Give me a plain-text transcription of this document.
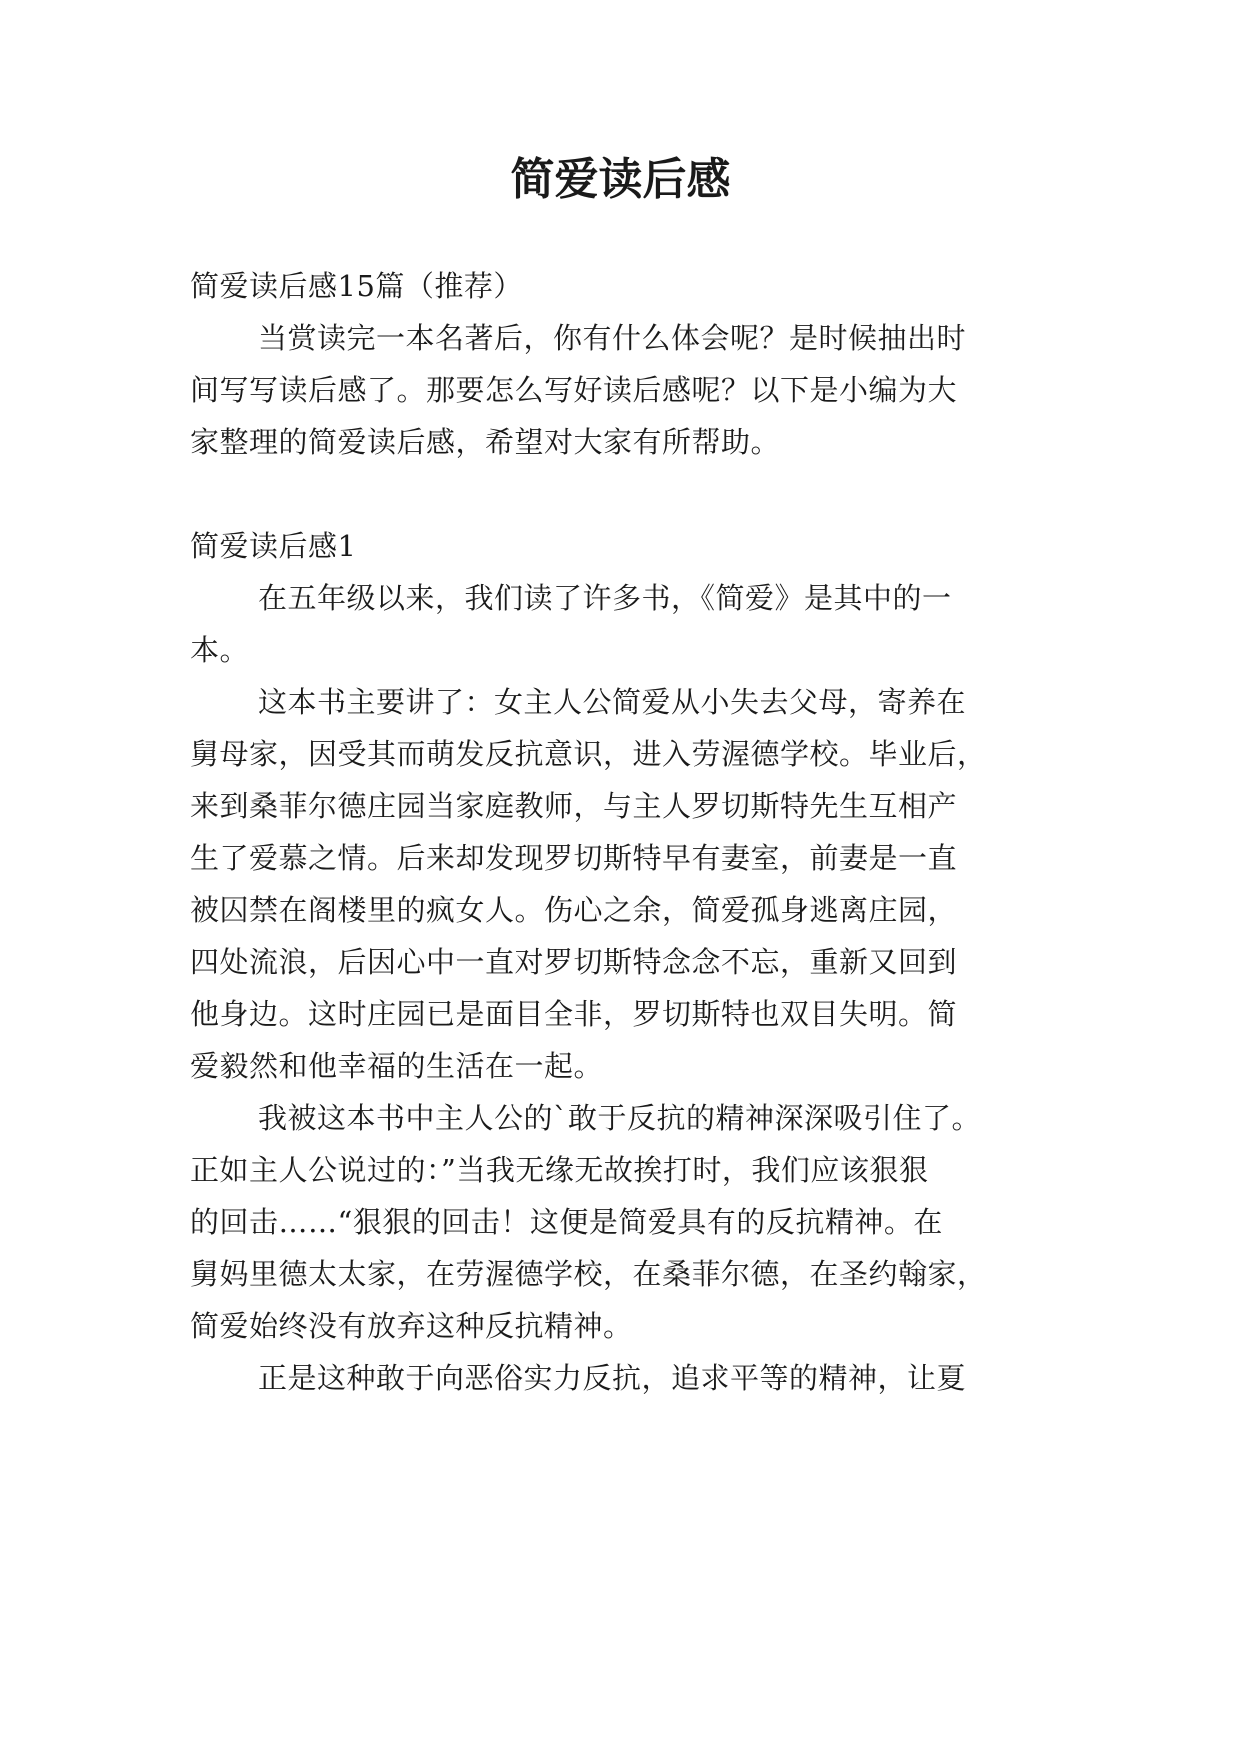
简爱读后感

简爱读后感15篇（推荐）

当赏读完一本名著后，你有什么体会呢？是时候抽出时

间写写读后感了。那要怎么写好读后感呢？以下是小编为大

家整理的简爱读后感，希望对大家有所帮助。

简爱读后感1

在五年级以来，我们读了许多书，《简爱》是其中的一

本。

这本书主要讲了：女主人公简爱从小失去父母，寄养在

舅母家，因受其而萌发反抗意识，进入劳渥德学校。毕业后，

来到桑菲尔德庄园当家庭教师，与主人罗切斯特先生互相产

生了爱慕之情。后来却发现罗切斯特早有妻室，前妻是一直

被囚禁在阁楼里的疯女人。伤心之余，简爱孤身逃离庄园，

四处流浪，后因心中一直对罗切斯特念念不忘，重新又回到

他身边。这时庄园已是面目全非，罗切斯特也双目失明。简

爱毅然和他幸福的生活在一起。

我被这本书中主人公的`敢于反抗的精神深深吸引住了。

正如主人公说过的：”当我无缘无故挨打时，我们应该狠狠

的回击……“狠狠的回击！这便是简爱具有的反抗精神。在

舅妈里德太太家，在劳渥德学校，在桑菲尔德，在圣约翰家，

简爱始终没有放弃这种反抗精神。

正是这种敢于向恶俗实力反抗，追求平等的精神，让夏
